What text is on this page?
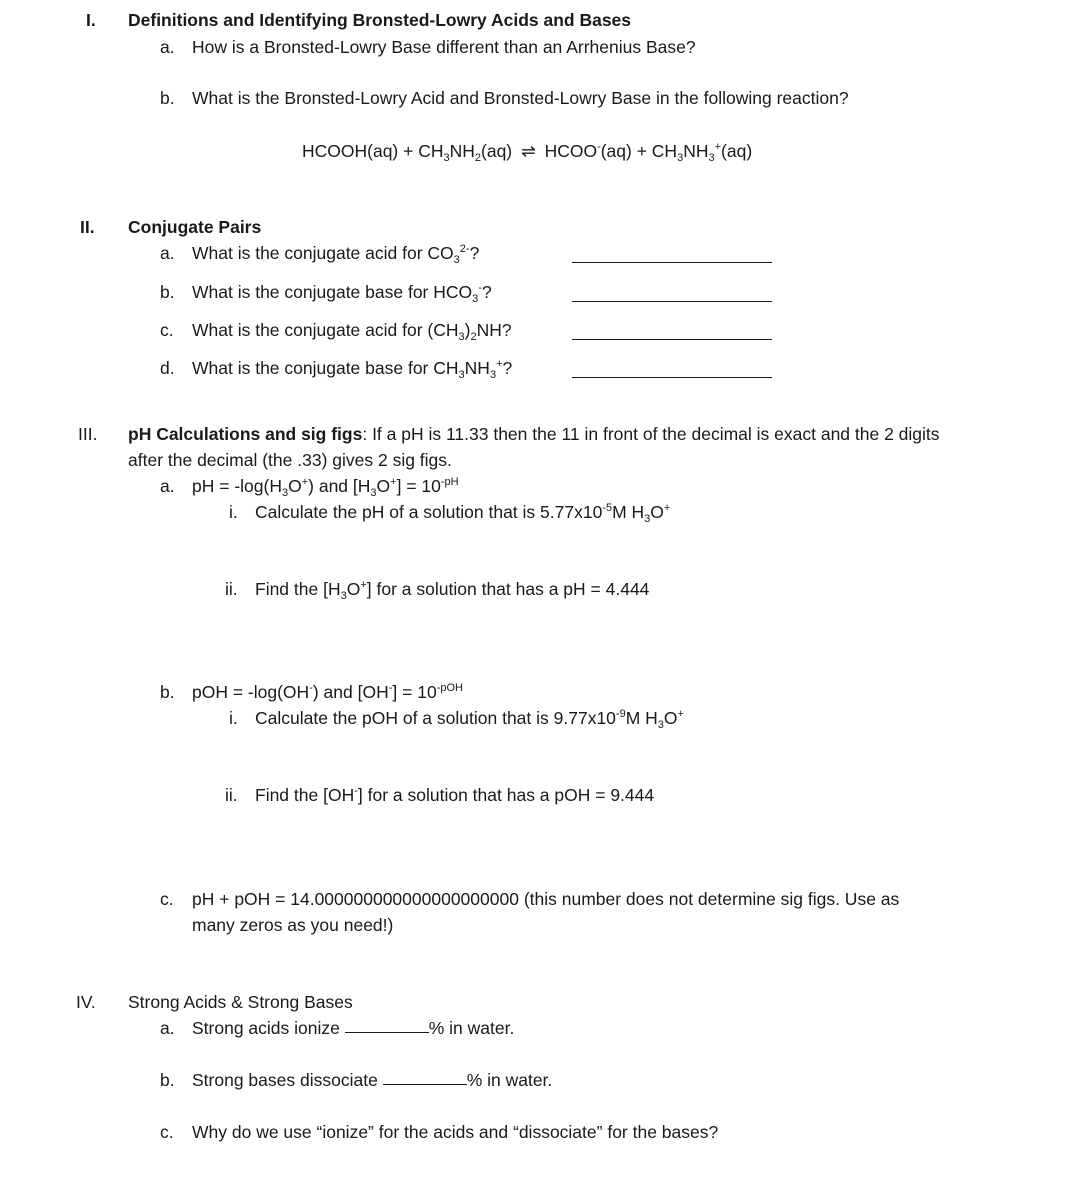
I. Definitions and Identifying Bronsted-Lowry Acids and Bases
a. How is a Bronsted-Lowry Base different than an Arrhenius Base?
b. What is the Bronsted-Lowry Acid and Bronsted-Lowry Base in the following reaction?
HCOOH(aq) + $CH_3NH_2(aq)$ ⇌ HCOO-(aq) + $CH_3NH_3^+(aq)$
II. Conjugate Pairs
a. What is the conjugate acid for $CO_3^{2-}$?
b. What is the conjugate base for $HCO_3^-$?
c. What is the conjugate acid for $(CH_3)_2NH$?
d. What is the conjugate base for $CH_3NH_3^+$?
III. pH Calculations and sig figs: If a pH is 11.33 then the 11 in front of the decimal is exact and the 2 digits
after the decimal (the .33) gives 2 sig figs.
a. pH = $-\log(H_3O^+)$ and $[H_3O^+] = 10^{-pH}$
i. Calculate the pH of a solution that is $5.77x10^{-5}M$ $H_3O^+$
ii. Find the $[H_3O^+]$ for a solution that has a pH = 4.444
b. pOH = -log(OH-) and $[OH^-] = 10^{-pOH}$
i. Calculate the pOH of a solution that is $9.77x10^{-9}M$ $H_3O^+$
ii. Find the [OH-] for a solution that has a pOH = 9.444
c. pH + pOH = 14.000000000000000000000 (this number does not determine sig figs. Use as
many zeros as you need!)
IV. Strong Acids & Strong Bases
a. Strong acids ionize	% in water.
b. Strong bases dissociate	% in water.
c. Why do we use “ionize” for the acids and “dissociate” for the bases?
